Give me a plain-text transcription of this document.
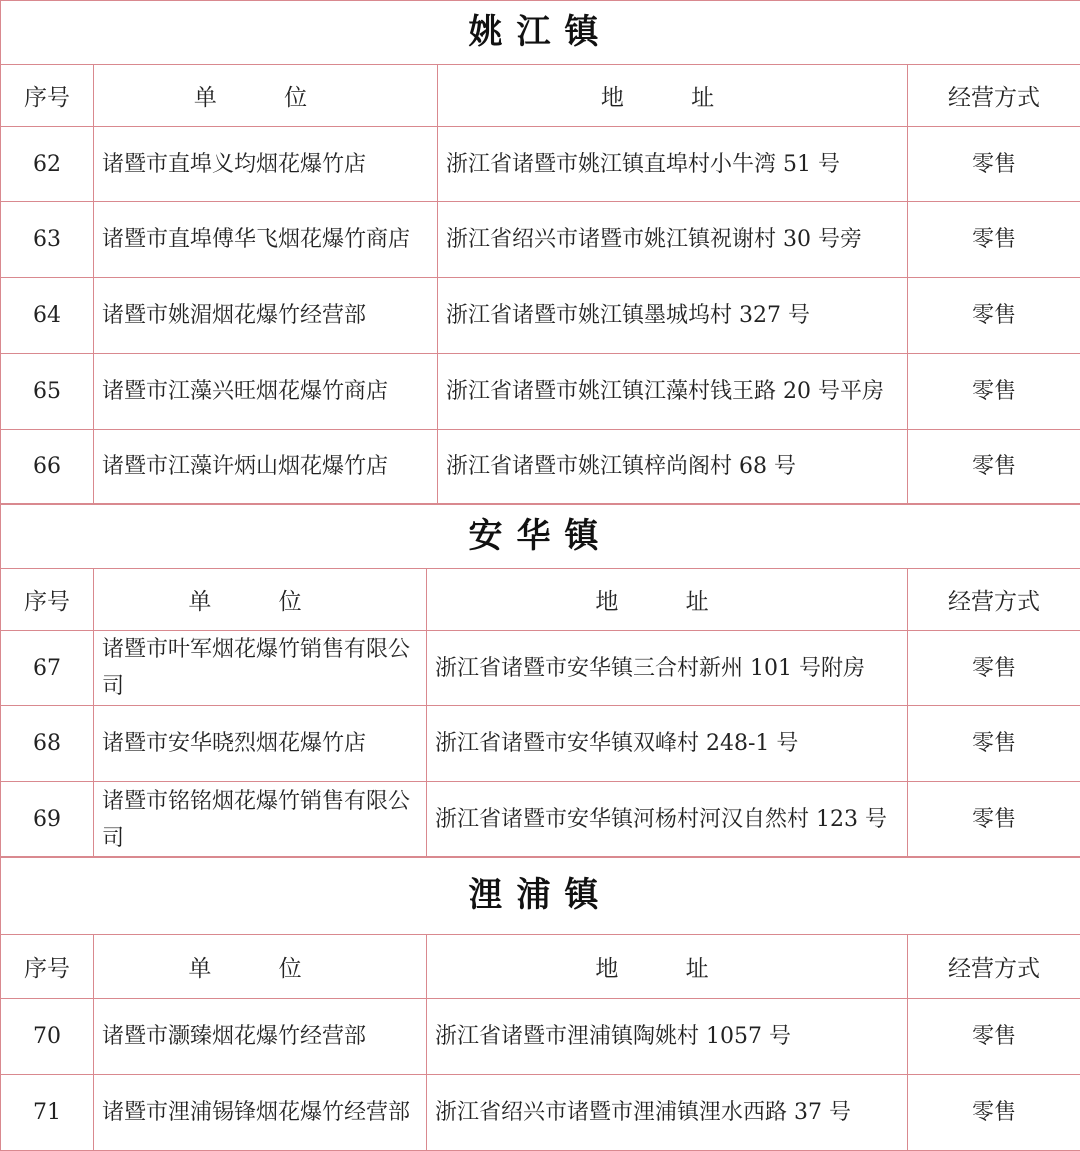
姚江镇			
序号	单 位	地 址	经营方式
62	诸暨市直埠义均烟花爆竹店	浙江省诸暨市姚江镇直埠村小牛湾 51 号	零售
63	诸暨市直埠傅华飞烟花爆竹商店	浙江省绍兴市诸暨市姚江镇祝谢村 30 号旁	零售
64	诸暨市姚湄烟花爆竹经营部	浙江省诸暨市姚江镇墨城坞村 327 号	零售
65	诸暨市江藻兴旺烟花爆竹商店	浙江省诸暨市姚江镇江藻村钱王路 20 号平房	零售
66	诸暨市江藻许炳山烟花爆竹店	浙江省诸暨市姚江镇梓尚阁村 68 号	零售
安华镇			
序号	单 位	地 址	经营方式
67	诸暨市叶军烟花爆竹销售有限公司	浙江省诸暨市安华镇三合村新州 101 号附房	零售
68	诸暨市安华晓烈烟花爆竹店	浙江省诸暨市安华镇双峰村 248-1 号	零售
69	诸暨市铭铭烟花爆竹销售有限公司	浙江省诸暨市安华镇河杨村河汉自然村 123 号	零售
浬浦镇			
序号	单 位	地 址	经营方式
70	诸暨市灏臻烟花爆竹经营部	浙江省诸暨市浬浦镇陶姚村 1057 号	零售
71	诸暨市浬浦锡锋烟花爆竹经营部	浙江省绍兴市诸暨市浬浦镇浬水西路 37 号	零售
